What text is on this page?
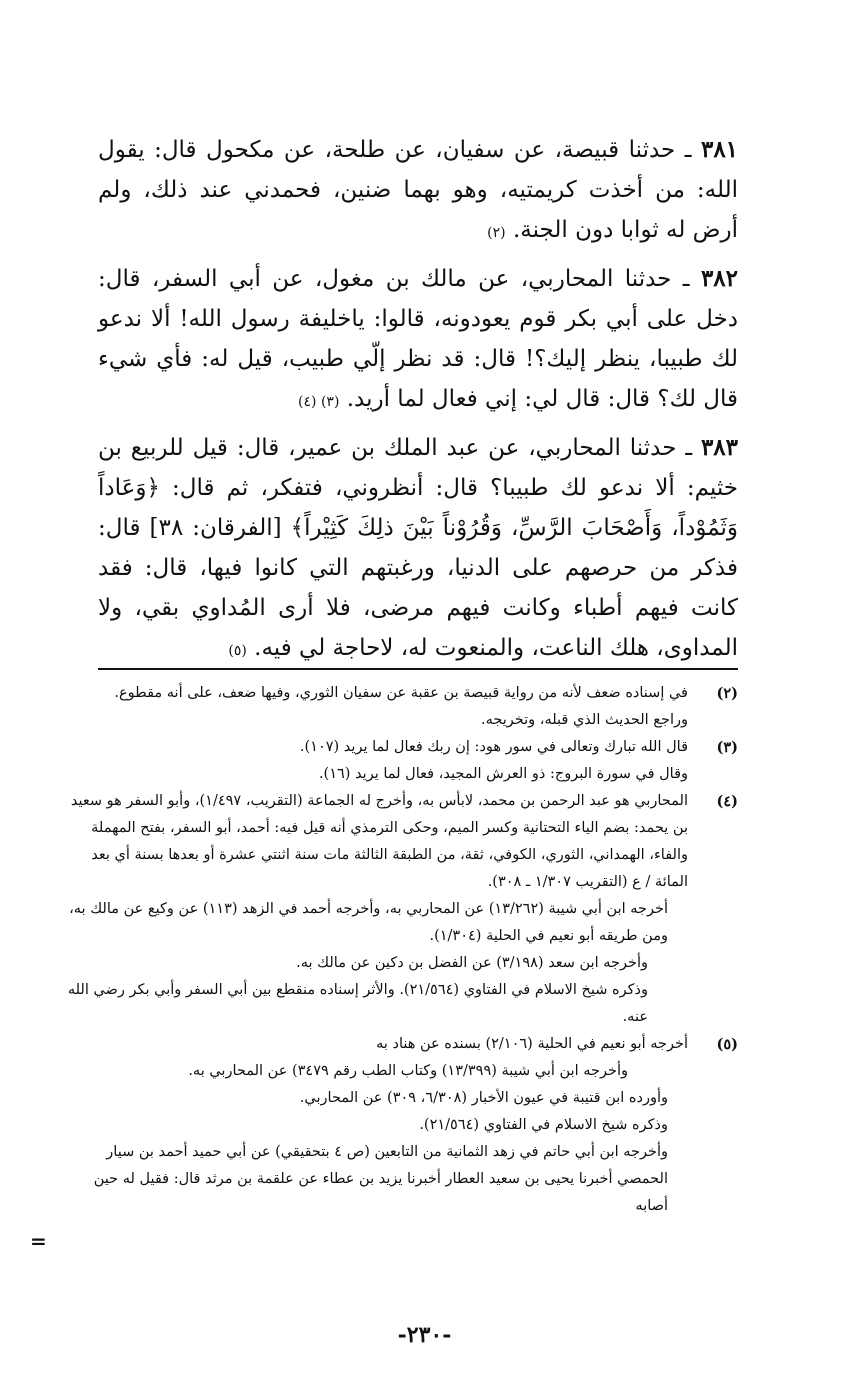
٣٨١ ـ حدثنا قبيصة، عن سفيان، عن طلحة، عن مكحول قال: يقول الله: من أخذت كريمتيه، وهو بهما ضنين، فحمدني عند ذلك، ولم أرض له ثوابا دون الجنة. (٢)

٣٨٢ ـ حدثنا المحاربي، عن مالك بن مغول، عن أبي السفر، قال: دخل على أبي بكر قوم يعودونه، قالوا: ياخليفة رسول الله! ألا ندعو لك طبيبا، ينظر إليك؟! قال: قد نظر إلّي طبيب، قيل له: فأي شيء قال لك؟ قال: قال لي: إني فعال لما أريد. (٣) (٤)

٣٨٣ ـ حدثنا المحاربي، عن عبد الملك بن عمير، قال: قيل للربيع بن خثيم: ألا ندعو لك طبيبا؟ قال: أنظروني، فتفكر، ثم قال: ﴿وَعَاداً وَثَمُوْداً، وَأَصْحَابَ الرَّسِّ، وَقُرُوْناً بَيْنَ ذلِكَ كَثِيْراً﴾ [الفرقان: ٣٨] قال: فذكر من حرصهم على الدنيا، ورغبتهم التي كانوا فيها، قال: فقد كانت فيهم أطباء وكانت فيهم مرضى، فلا أرى المُداوي بقي، ولا المداوى، هلك الناعت، والمنعوت له، لاحاجة لي فيه. (٥)

(٢)

في إسناده ضعف لأنه من رواية قبيصة بن عقبة عن سفيان الثوري، وفيها ضعف، على أنه مقطوع.

وراجع الحديث الذي قبله، وتخريجه.

(٣)

قال الله تبارك وتعالى في سور هود: إن ربك فعال لما يريد (١٠٧).

وقال في سورة البروج: ذو العرش المجيد، فعال لما يريد (١٦).

(٤)

المحاربي هو عبد الرحمن بن محمد، لابأس به، وأخرج له الجماعة (التقريب، ١/٤٩٧)، وأبو السفر هو سعيد بن يحمد: بضم الياء التحتانية وكسر الميم، وحكى الترمذي أنه قيل فيه: أحمد، أبو السفر، بفتح المهملة والفاء، الهمداني، الثوري، الكوفي، ثقة، من الطبقة الثالثة مات سنة اثنتي عشرة أو بعدها بسنة أي بعد المائة / ع (التقريب ١/٣٠٧ ـ ٣٠٨).

أخرجه ابن أبي شيبة (١٣/٢٦٢) عن المحاربي به، وأخرجه أحمد في الزهد (١١٣) عن وكيع عن مالك به، ومن طريقه أبو نعيم في الحلية (١/٣٠٤).

وأخرجه ابن سعد (٣/١٩٨) عن الفضل بن دكين عن مالك به.

وذكره شيخ الاسلام في الفتاوي (٢١/٥٦٤). والأثر إسناده منقطع بين أبي السفر وأبي بكر رضي الله عنه.

(٥)

أخرجه أبو نعيم في الحلية (٢/١٠٦) بسنده عن هناد به

وأخرجه ابن أبي شيبة (١٣/٣٩٩) وكتاب الطب رقم ٣٤٧٩) عن المحاربي به.

وأورده ابن قتيبة في عيون الأخبار (٦/٣٠٨، ٣٠٩) عن المحاربي.

وذكره شيخ الاسلام في الفتاوي (٢١/٥٦٤).

وأخرجه ابن أبي حاتم في زهد الثمانية من التابعين (ص ٤ بتحقيقي) عن أبي حميد أحمد بن سيار الحمصي أخبرنا يحيى بن سعيد العطار أخبرنا يزيد بن عطاء عن علقمة بن مرثد قال: فقيل له حين أصابه

=
-٢٣٠-
